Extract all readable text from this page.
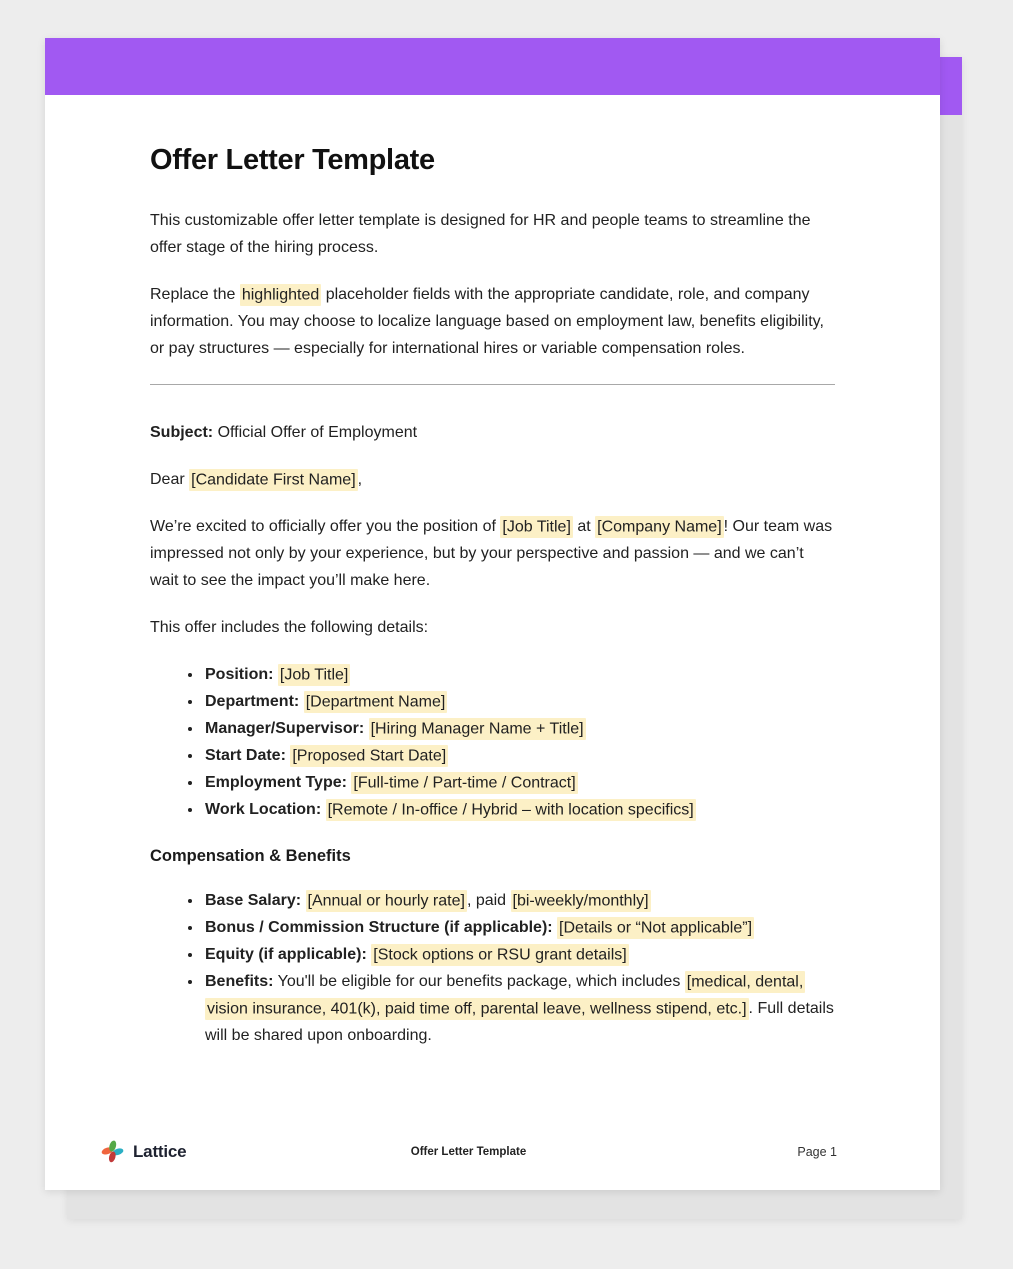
Offer Letter Template

This customizable offer letter template is designed for HR and people teams to streamline the offer stage of the hiring process.

Replace the highlighted placeholder fields with the appropriate candidate, role, and company information. You may choose to localize language based on employment law, benefits eligibility, or pay structures — especially for international hires or variable compensation roles.

Subject: Official Offer of Employment

Dear [Candidate First Name] ,

We’re excited to officially offer you the position of [Job Title] at [Company Name] ! Our team was impressed not only by your experience, but by your perspective and passion — and we can’t wait to see the impact you’ll make here.

This offer includes the following details:

• Position: [Job Title]
• Department: [Department Name]
• Manager/Supervisor: [Hiring Manager Name + Title]
• Start Date: [Proposed Start Date]
• Employment Type: [Full-time / Part-time / Contract]
• Work Location: [Remote / In-office / Hybrid – with location specifics]
Compensation & Benefits
• Base Salary: [Annual or hourly rate] , paid [bi-weekly/monthly]
• Bonus / Commission Structure (if applicable): [Details or “Not applicable”]
• Equity (if applicable): [Stock options or RSU grant details]
• Benefits: You'll be eligible for our benefits package, which includes [medical, dental, vision insurance, 401(k), paid time off, parental leave, wellness stipend, etc.] . Full details will be shared upon onboarding.
Lattice	Offer Letter Template	Page 1
